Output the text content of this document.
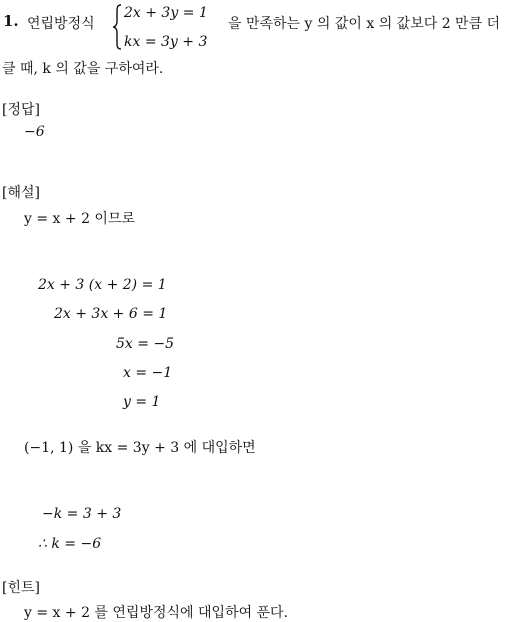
1. 연립방정식
2x + 3y = 1
kx = 3y + 3
을 만족하는 y 의 값이 x 의 값보다 2 만큼 더
클 때, k 의 값을 구하여라.
[정답]
−6
[해설]
y = x + 2 이므로
2x + 3 (x + 2) = 1
2x + 3x + 6 = 1
5x = −5
x = −1
y = 1
(−1, 1) 을 kx = 3y + 3 에 대입하면
−k = 3 + 3
∴ k = −6
[힌트]
y = x + 2 를 연립방정식에 대입하여 푼다.
